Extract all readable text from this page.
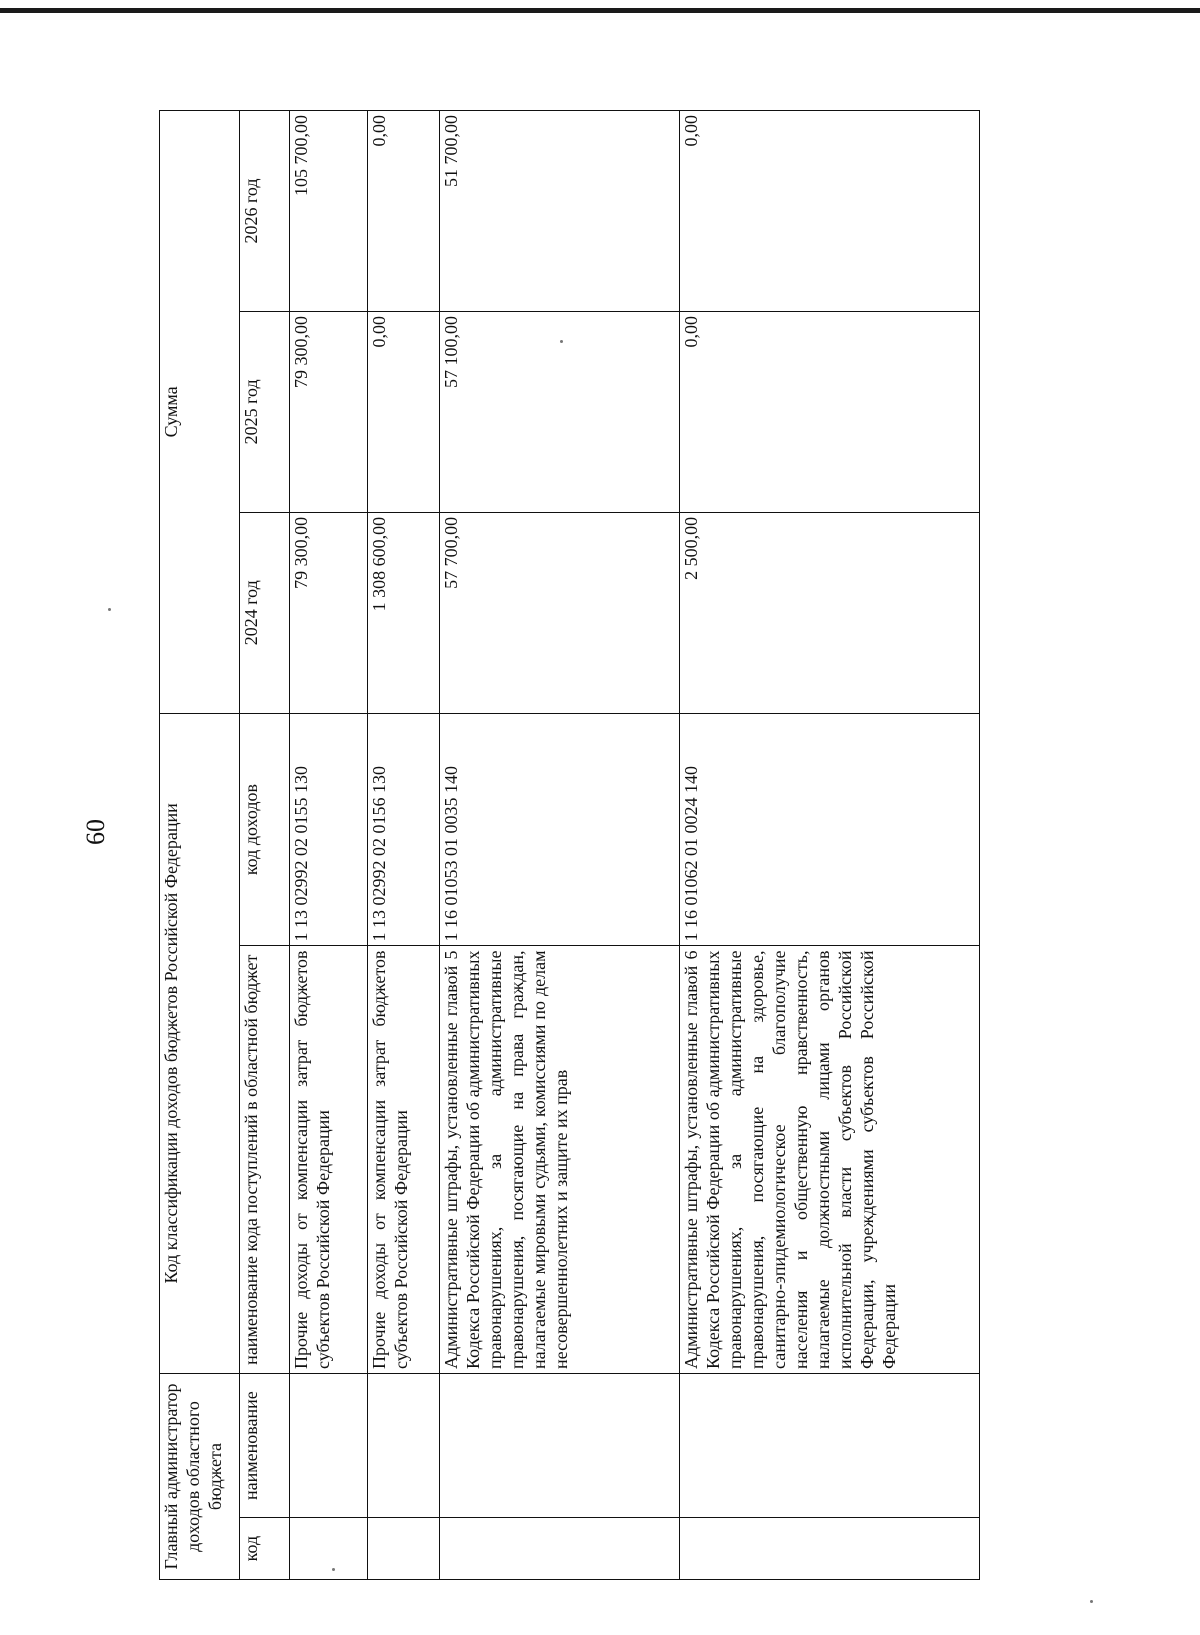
60
Главный администратор доходов областного бюджета		Код классификации доходов бюджетов Российской Федерации		Сумма		
код	наименование	наименование кода поступлений в областной бюджет	код доходов	2024 год	2025 год	2026 год
		Прочие доходы от компенсации затрат бюджетов субъектов Российской Федерации	1 13 02992 02 0155 130	79 300,00	79 300,00	105 700,00
		Прочие доходы от компенсации затрат бюджетов субъектов Российской Федерации	1 13 02992 02 0156 130	1 308 600,00	0,00	0,00
		Административные штрафы, установленные главой 5 Кодекса Российской Федерации об административных правонарушениях, за административные правонарушения, посягающие на права граждан, налагаемые мировыми судьями, комиссиями по делам несовершеннолетних и защите их прав	1 16 01053 01 0035 140	57 700,00	57 100,00	51 700,00
		Административные штрафы, установленные главой 6 Кодекса Российской Федерации об административных правонарушениях, за административные правонарушения, посягающие на здоровье, санитарно-эпидемиологическое благополучие населения и общественную нравственность, налагаемые должностными лицами органов исполнительной власти субъектов Российской Федерации, учреждениями субъектов Российской Федерации	1 16 01062 01 0024 140	2 500,00	0,00	0,00
